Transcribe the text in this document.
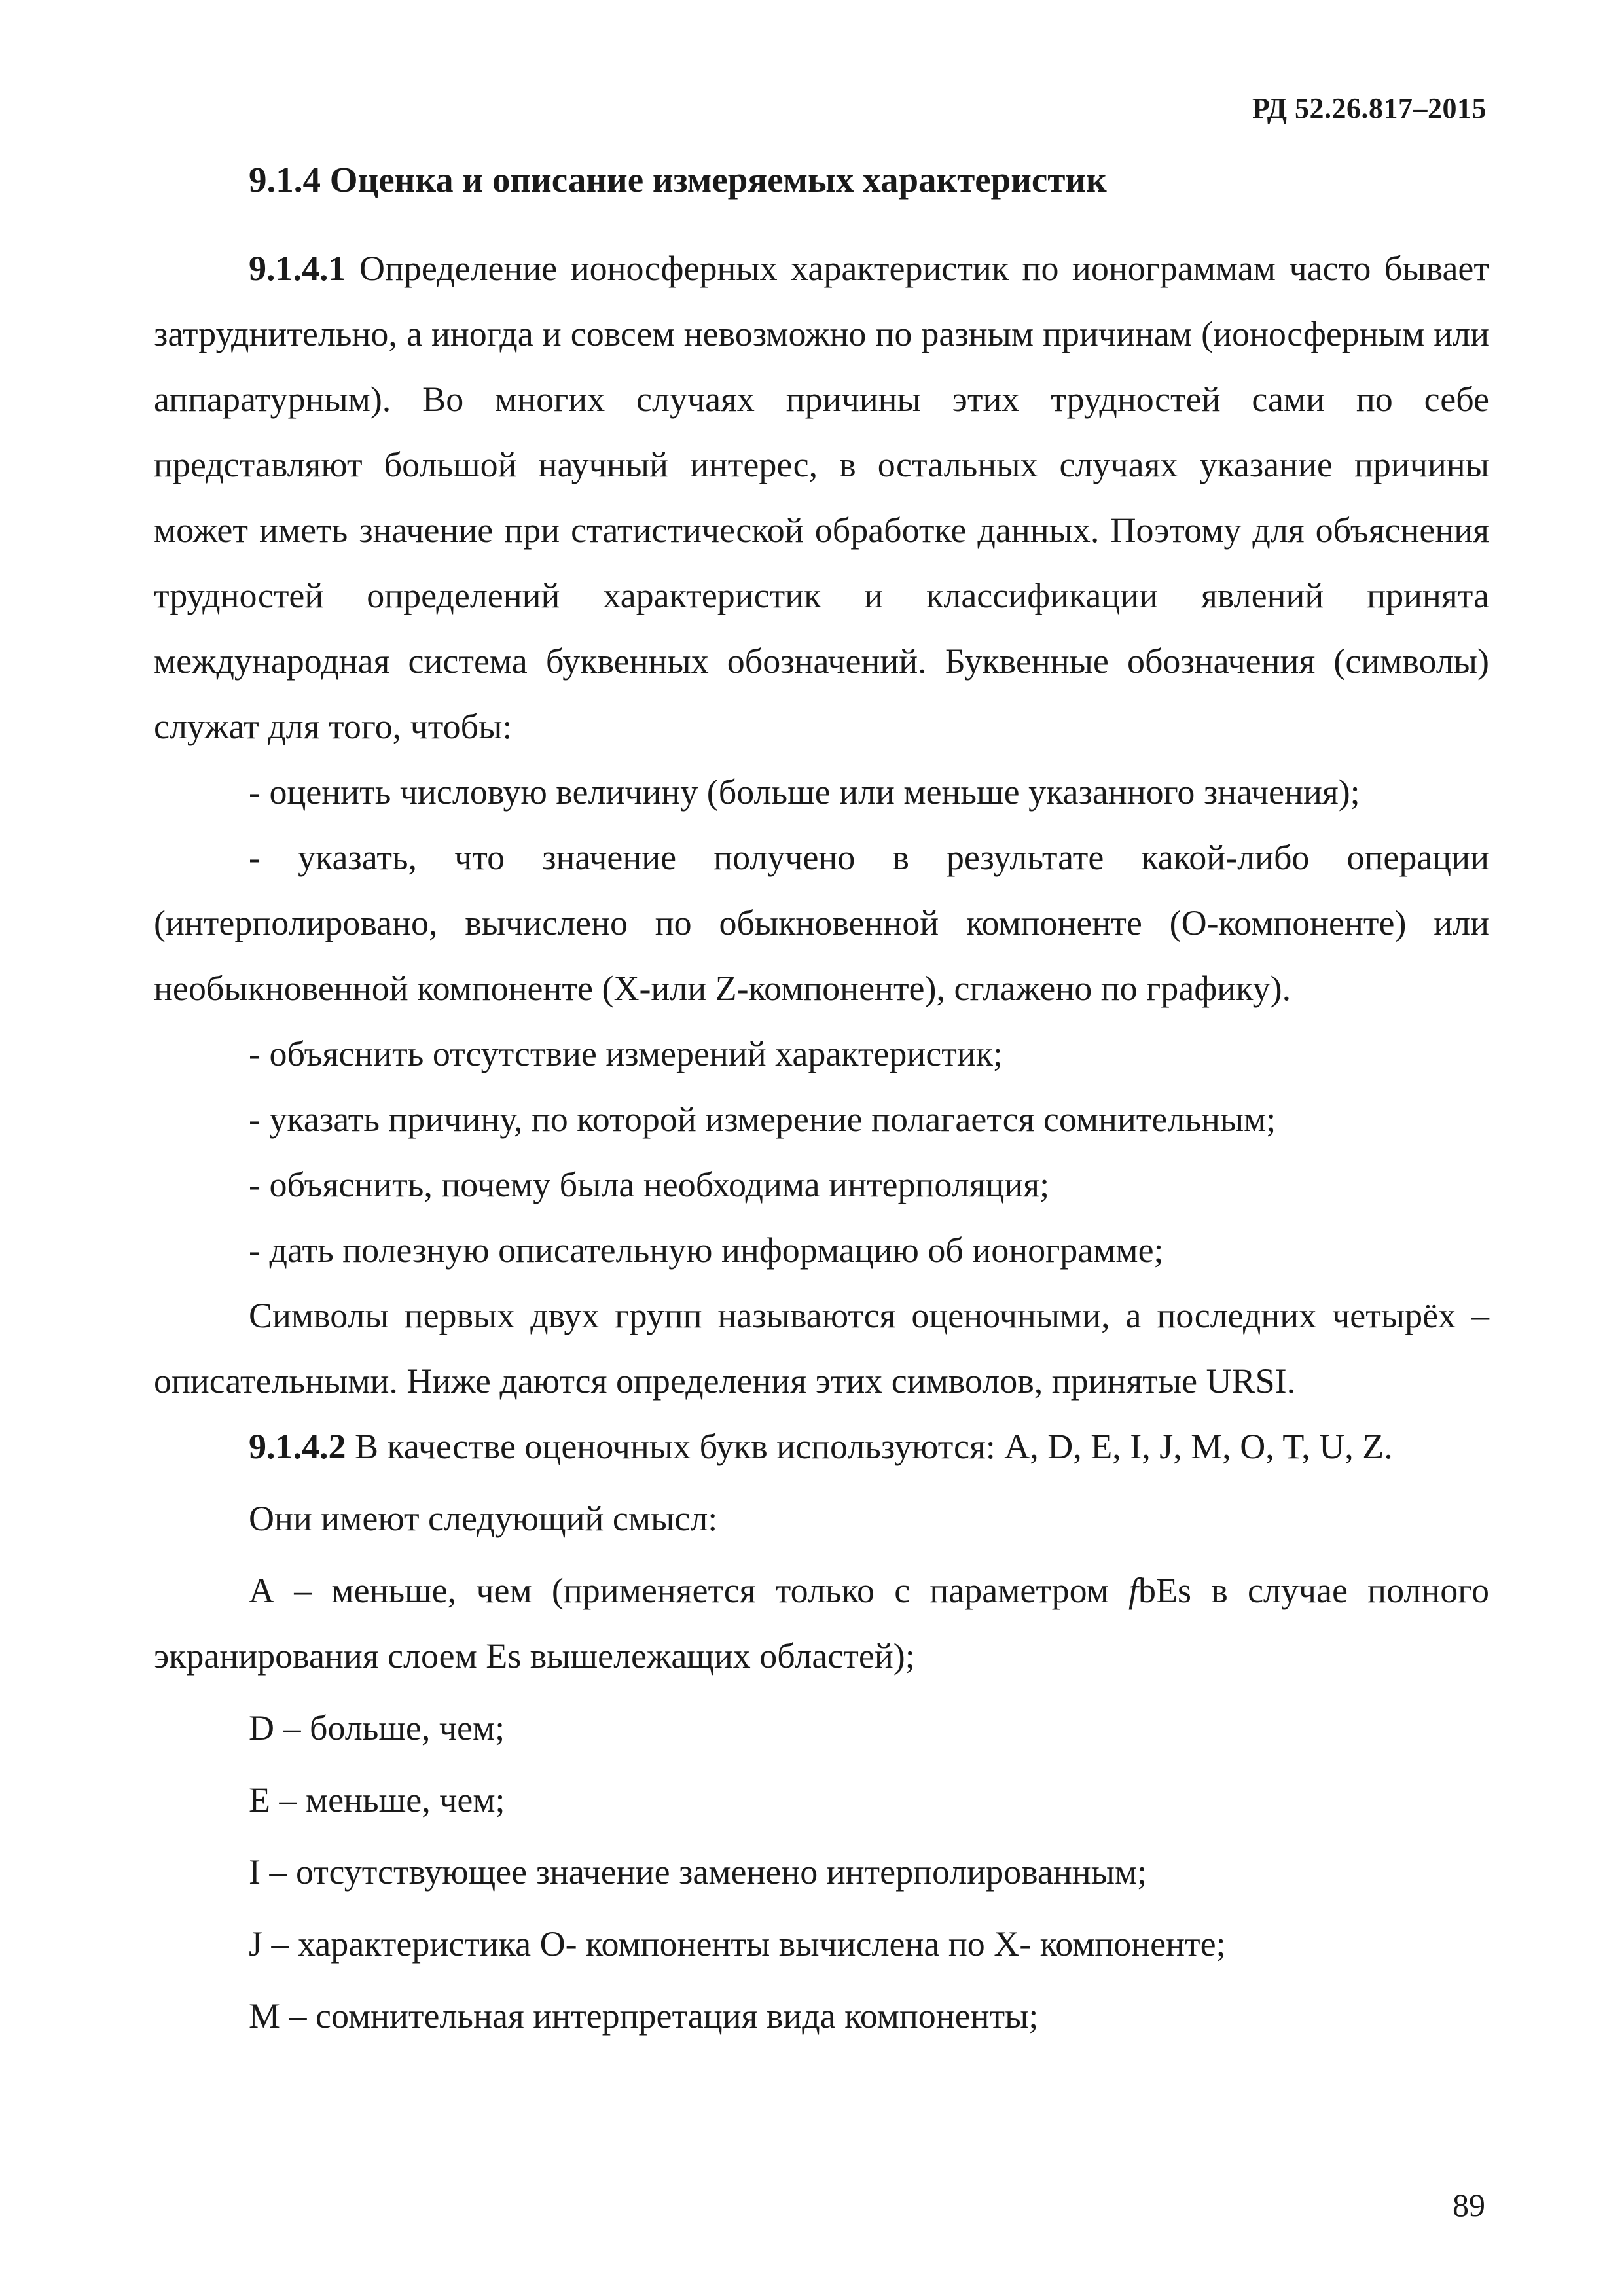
РД 52.26.817–2015
9.1.4 Оценка и описание измеряемых характеристик

9.1.4.1 Определение ионосферных характеристик по ионограммам часто бывает затруднительно, а иногда и совсем невозможно по разным причинам (ионосферным или аппаратурным). Во многих случаях причины этих трудностей сами по себе представляют большой научный интерес, в остальных случаях указание причины может иметь значение при статистической обработке данных. Поэтому для объяснения трудностей определений характеристик и классификации явлений принята международная система буквенных обозначений. Буквенные обозначения (символы) служат для того, чтобы:

- оценить числовую величину (больше или меньше указанного значения);

- указать, что значение получено в результате какой-либо операции (интерполировано, вычислено по обыкновенной компоненте (О-компоненте) или необыкновенной компоненте (X-или Z-компоненте), сглажено по графику).

- объяснить отсутствие измерений характеристик;

- указать причину, по которой измерение полагается сомнительным;

- объяснить, почему была необходима интерполяция;

- дать полезную описательную информацию об ионограмме;

Символы первых двух групп называются оценочными, а последних четырёх – описательными. Ниже даются определения этих символов, принятые URSI.

9.1.4.2 В качестве оценочных букв используются: A, D, E, I, J, M, O, T, U, Z.

Они имеют следующий смысл:

А – меньше, чем (применяется только с параметром fbEs в случае полного экранирования слоем Es вышележащих областей);

D – больше, чем;

E – меньше, чем;

I – отсутствующее значение заменено интерполированным;

J – характеристика О- компоненты вычислена по Х- компоненте;

M – сомнительная интерпретация вида компоненты;

89
